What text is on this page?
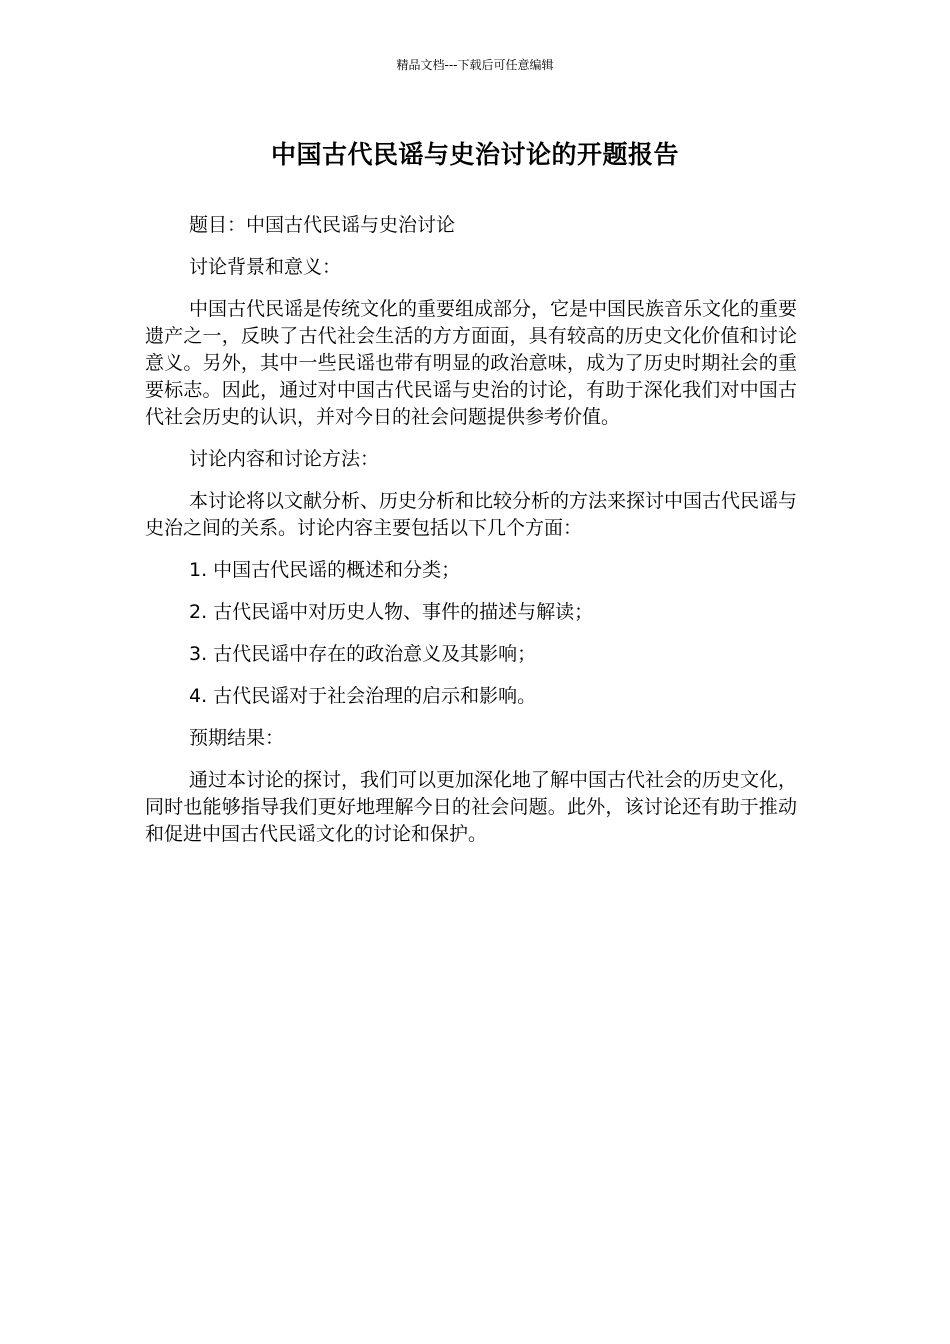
精品文档---下载后可任意编辑
中国古代民谣与史治讨论的开题报告

题目：中国古代民谣与史治讨论

讨论背景和意义：

中国古代民谣是传统文化的重要组成部分，它是中国民族音乐文化的重要遗产之一，反映了古代社会生活的方方面面，具有较高的历史文化价值和讨论意义。另外，其中一些民谣也带有明显的政治意味，成为了历史时期社会的重要标志。因此，通过对中国古代民谣与史治的讨论，有助于深化我们对中国古代社会历史的认识，并对今日的社会问题提供参考价值。

讨论内容和讨论方法：

本讨论将以文献分析、历史分析和比较分析的方法来探讨中国古代民谣与史治之间的关系。讨论内容主要包括以下几个方面：

1. 中国古代民谣的概述和分类；

2. 古代民谣中对历史人物、事件的描述与解读；

3. 古代民谣中存在的政治意义及其影响；

4. 古代民谣对于社会治理的启示和影响。

预期结果：

通过本讨论的探讨，我们可以更加深化地了解中国古代社会的历史文化，同时也能够指导我们更好地理解今日的社会问题。此外，该讨论还有助于推动和促进中国古代民谣文化的讨论和保护。
